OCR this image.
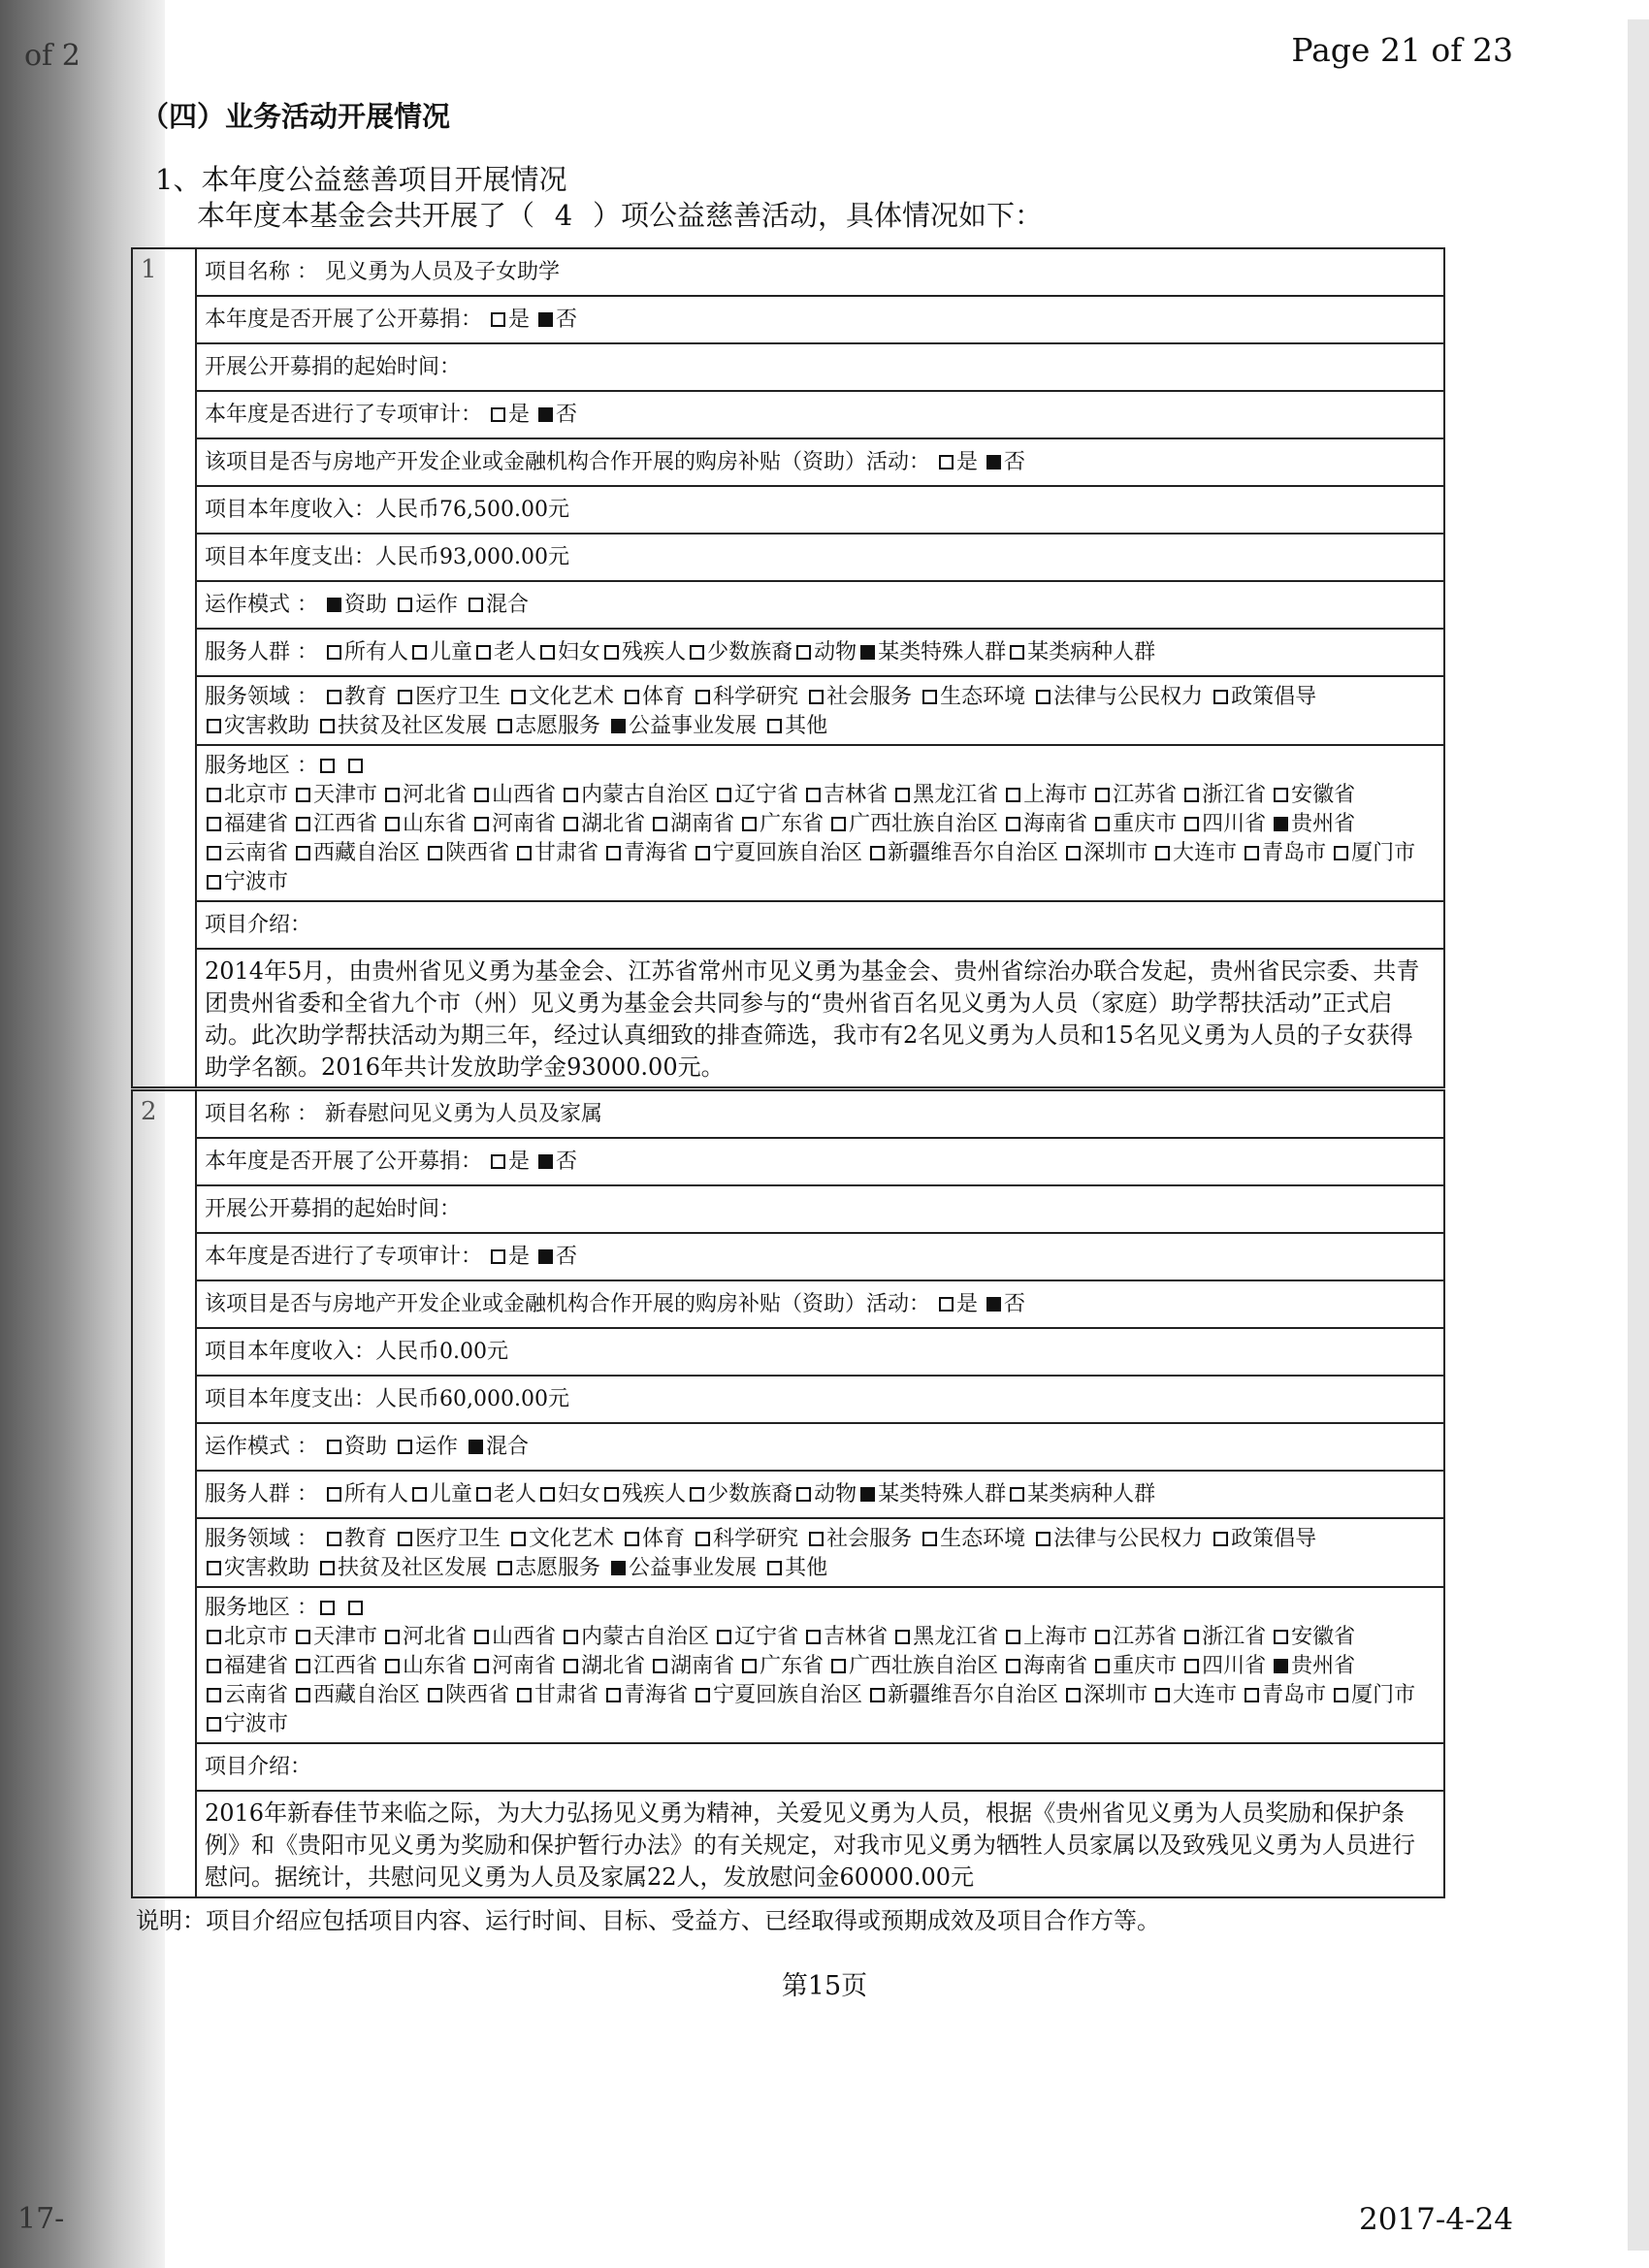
of 2
17-
Page 21 of 23
（四）业务活动开展情况
1、本年度公益慈善项目开展情况
本年度本基金会共开展了（ 4 ）项公益慈善活动，具体情况如下：
1	项目名称 ： 见义勇为人员及子女助学
本年度是否开展了公开募捐： 是 否
开展公开募捐的起始时间：
本年度是否进行了专项审计： 是 否
该项目是否与房地产开发企业或金融机构合作开展的购房补贴（资助）活动： 是 否
项目本年度收入：人民币76,500.00元
项目本年度支出：人民币93,000.00元
运作模式 ： 资助 运作 混合
服务人群 ： 所有人 儿童 老人 妇女 残疾人 少数族裔 动物 某类特殊人群 某类病种人群
服务领域 ： 教育 医疗卫生 文化艺术 体育 科学研究 社会服务 生态环境 法律与公民权力 政策倡导灾害救助 扶贫及社区发展 志愿服务 公益事业发展 其他
服务地区 ：
北京市 天津市 河北省 山西省 内蒙古自治区 辽宁省 吉林省 黑龙江省 上海市 江苏省 浙江省 安徽省福建省 江西省 山东省 河南省 湖北省 湖南省 广东省 广西壮族自治区 海南省 重庆市 四川省 贵州省云南省 西藏自治区 陕西省 甘肃省 青海省 宁夏回族自治区 新疆维吾尔自治区 深圳市 大连市 青岛市 厦门市宁波市
项目介绍：
2014年5月，由贵州省见义勇为基金会、江苏省常州市见义勇为基金会、贵州省综治办联合发起，贵州省民宗委、共青团贵州省委和全省九个市（州）见义勇为基金会共同参与的“贵州省百名见义勇为人员（家庭）助学帮扶活动”正式启动。此次助学帮扶活动为期三年，经过认真细致的排查筛选，我市有2名见义勇为人员和15名见义勇为人员的子女获得助学名额。2016年共计发放助学金93000.00元。
2	项目名称 ： 新春慰问见义勇为人员及家属
本年度是否开展了公开募捐： 是 否
开展公开募捐的起始时间：
本年度是否进行了专项审计： 是 否
该项目是否与房地产开发企业或金融机构合作开展的购房补贴（资助）活动： 是 否
项目本年度收入：人民币0.00元
项目本年度支出：人民币60,000.00元
运作模式 ： 资助 运作 混合
服务人群 ： 所有人 儿童 老人 妇女 残疾人 少数族裔 动物 某类特殊人群 某类病种人群
服务领域 ： 教育 医疗卫生 文化艺术 体育 科学研究 社会服务 生态环境 法律与公民权力 政策倡导灾害救助 扶贫及社区发展 志愿服务 公益事业发展 其他
服务地区 ：
北京市 天津市 河北省 山西省 内蒙古自治区 辽宁省 吉林省 黑龙江省 上海市 江苏省 浙江省 安徽省福建省 江西省 山东省 河南省 湖北省 湖南省 广东省 广西壮族自治区 海南省 重庆市 四川省 贵州省云南省 西藏自治区 陕西省 甘肃省 青海省 宁夏回族自治区 新疆维吾尔自治区 深圳市 大连市 青岛市 厦门市宁波市
项目介绍：
2016年新春佳节来临之际，为大力弘扬见义勇为精神，关爱见义勇为人员，根据《贵州省见义勇为人员奖励和保护条例》和《贵阳市见义勇为奖励和保护暂行办法》的有关规定，对我市见义勇为牺牲人员家属以及致残见义勇为人员进行慰问。据统计，共慰问见义勇为人员及家属22人，发放慰问金60000.00元
说明：项目介绍应包括项目内容、运行时间、目标、受益方、已经取得或预期成效及项目合作方等。
第15页
2017-4-24
